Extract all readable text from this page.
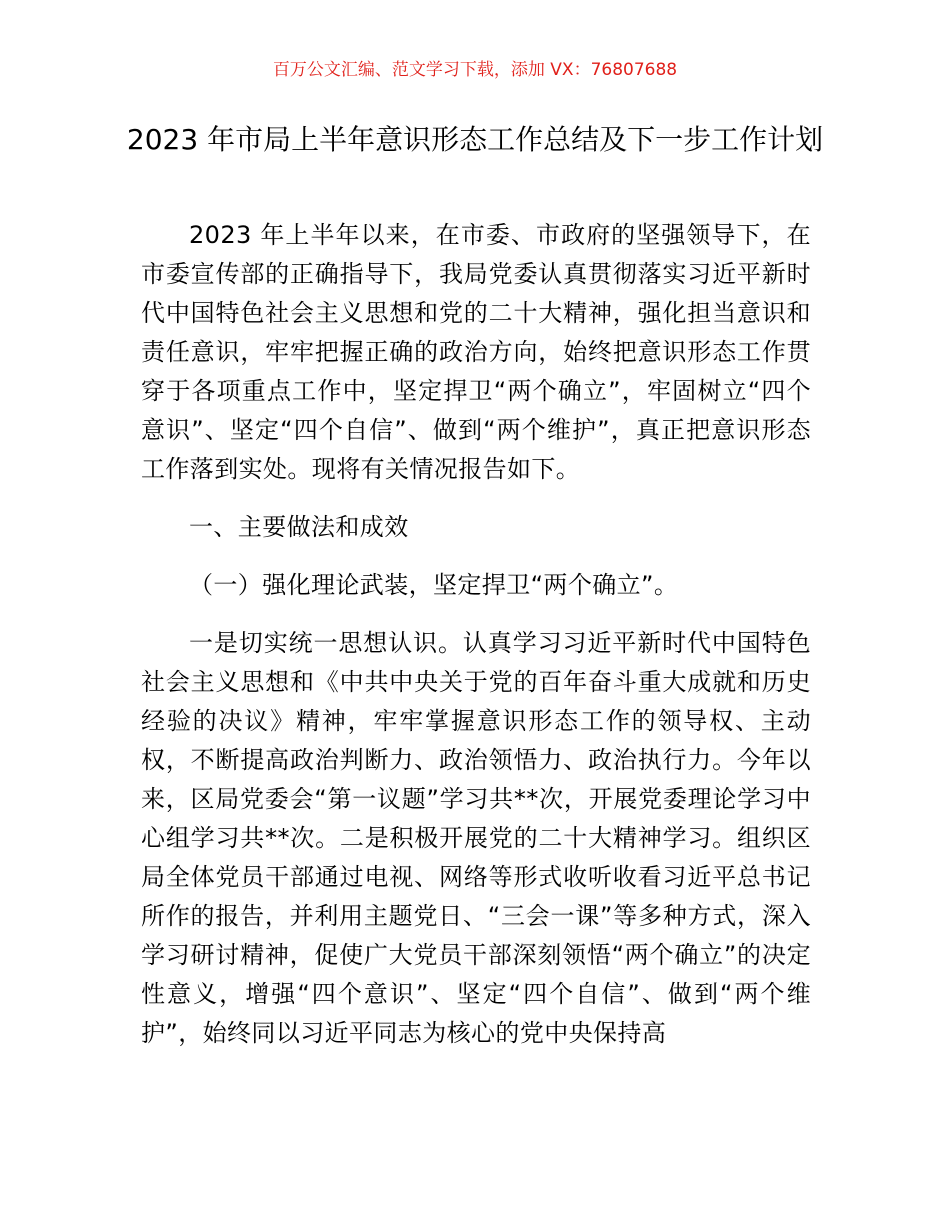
百万公文汇编、范文学习下载，添加 VX：76807688
2023 年市局上半年意识形态工作总结及下一步工作计划

2023 年上半年以来，在市委、市政府的坚强领导下，在市委宣传部的正确指导下，我局党委认真贯彻落实习近平新时代中国特色社会主义思想和党的二十大精神，强化担当意识和责任意识，牢牢把握正确的政治方向，始终把意识形态工作贯穿于各项重点工作中，坚定捍卫“两个确立”，牢固树立“四个意识”、坚定“四个自信”、做到“两个维护”，真正把意识形态工作落到实处。现将有关情况报告如下。

一、主要做法和成效

（一）强化理论武装，坚定捍卫“两个确立”。

一是切实统一思想认识。认真学习习近平新时代中国特色社会主义思想和《中共中央关于党的百年奋斗重大成就和历史经验的决议》精神，牢牢掌握意识形态工作的领导权、主动权，不断提高政治判断力、政治领悟力、政治执行力。今年以来，区局党委会“第一议题”学习共**次，开展党委理论学习中心组学习共**次。二是积极开展党的二十大精神学习。组织区局全体党员干部通过电视、网络等形式收听收看习近平总书记所作的报告，并利用主题党日、“三会一课”等多种方式，深入学习研讨精神，促使广大党员干部深刻领悟“两个确立”的决定性意义，增强“四个意识”、坚定“四个自信”、做到“两个维护”，始终同以习近平同志为核心的党中央保持高
